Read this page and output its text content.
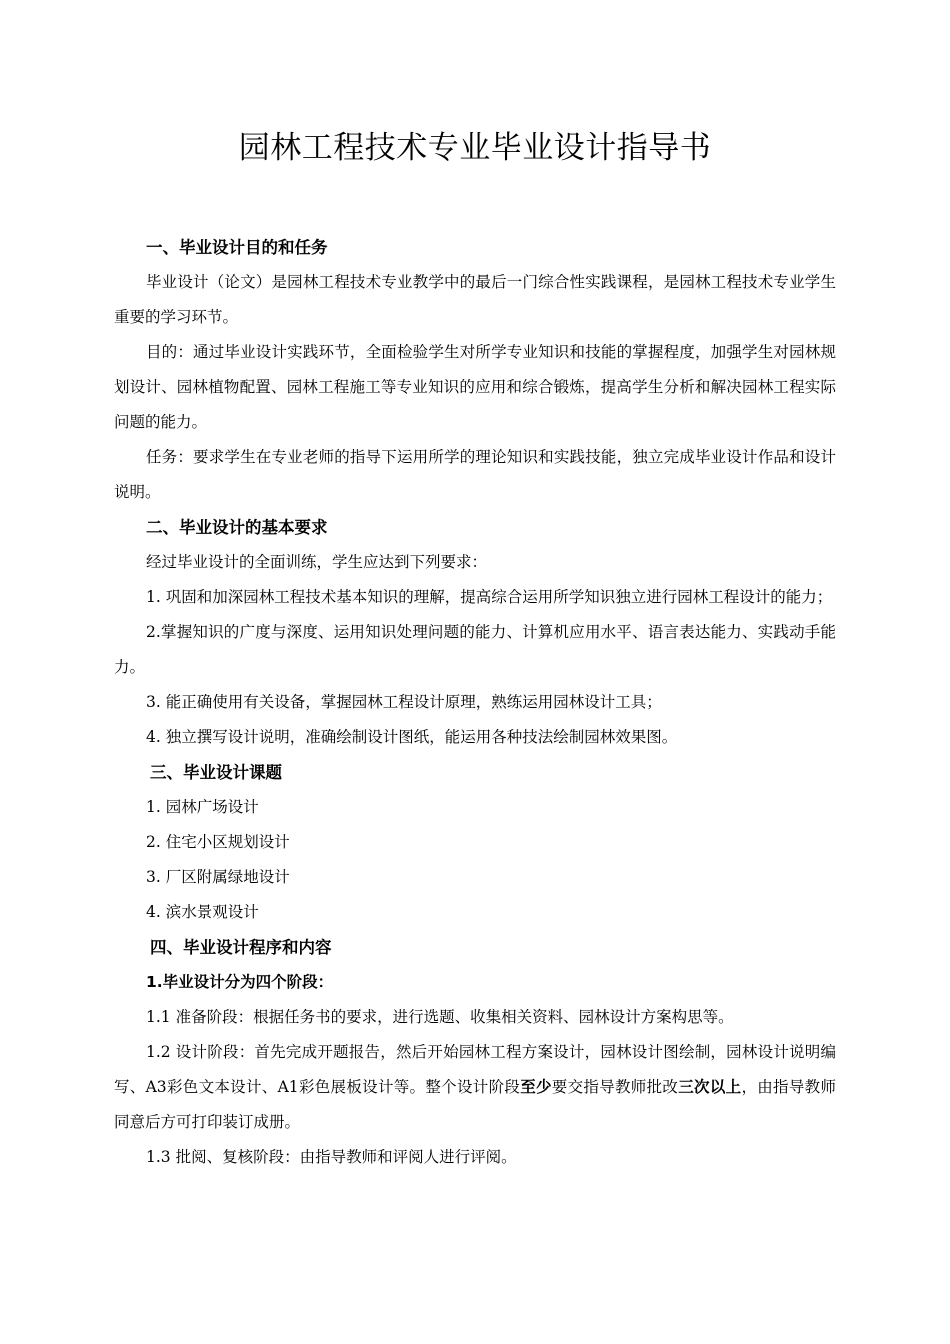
园林工程技术专业毕业设计指导书
一、毕业设计目的和任务
毕业设计（论文）是园林工程技术专业教学中的最后一门综合性实践课程，是园林工程技术专业学生重要的学习环节。
目的：通过毕业设计实践环节，全面检验学生对所学专业知识和技能的掌握程度，加强学生对园林规划设计、园林植物配置、园林工程施工等专业知识的应用和综合锻炼，提高学生分析和解决园林工程实际问题的能力。
任务：要求学生在专业老师的指导下运用所学的理论知识和实践技能，独立完成毕业设计作品和设计说明。
二、毕业设计的基本要求
经过毕业设计的全面训练，学生应达到下列要求：
1. 巩固和加深园林工程技术基本知识的理解，提高综合运用所学知识独立进行园林工程设计的能力；
2.掌握知识的广度与深度、运用知识处理问题的能力、计算机应用水平、语言表达能力、实践动手能力。
3. 能正确使用有关设备，掌握园林工程设计原理，熟练运用园林设计工具；
4. 独立撰写设计说明，准确绘制设计图纸，能运用各种技法绘制园林效果图。
三、毕业设计课题
1. 园林广场设计
2. 住宅小区规划设计
3. 厂区附属绿地设计
4. 滨水景观设计
四、毕业设计程序和内容
1.毕业设计分为四个阶段：
1.1 准备阶段：根据任务书的要求，进行选题、收集相关资料、园林设计方案构思等。
1.2 设计阶段：首先完成开题报告，然后开始园林工程方案设计，园林设计图绘制，园林设计说明编写、A3彩色文本设计、A1彩色展板设计等。整个设计阶段至少要交指导教师批改三次以上，由指导教师同意后方可打印装订成册。
1.3 批阅、复核阶段：由指导教师和评阅人进行评阅。
